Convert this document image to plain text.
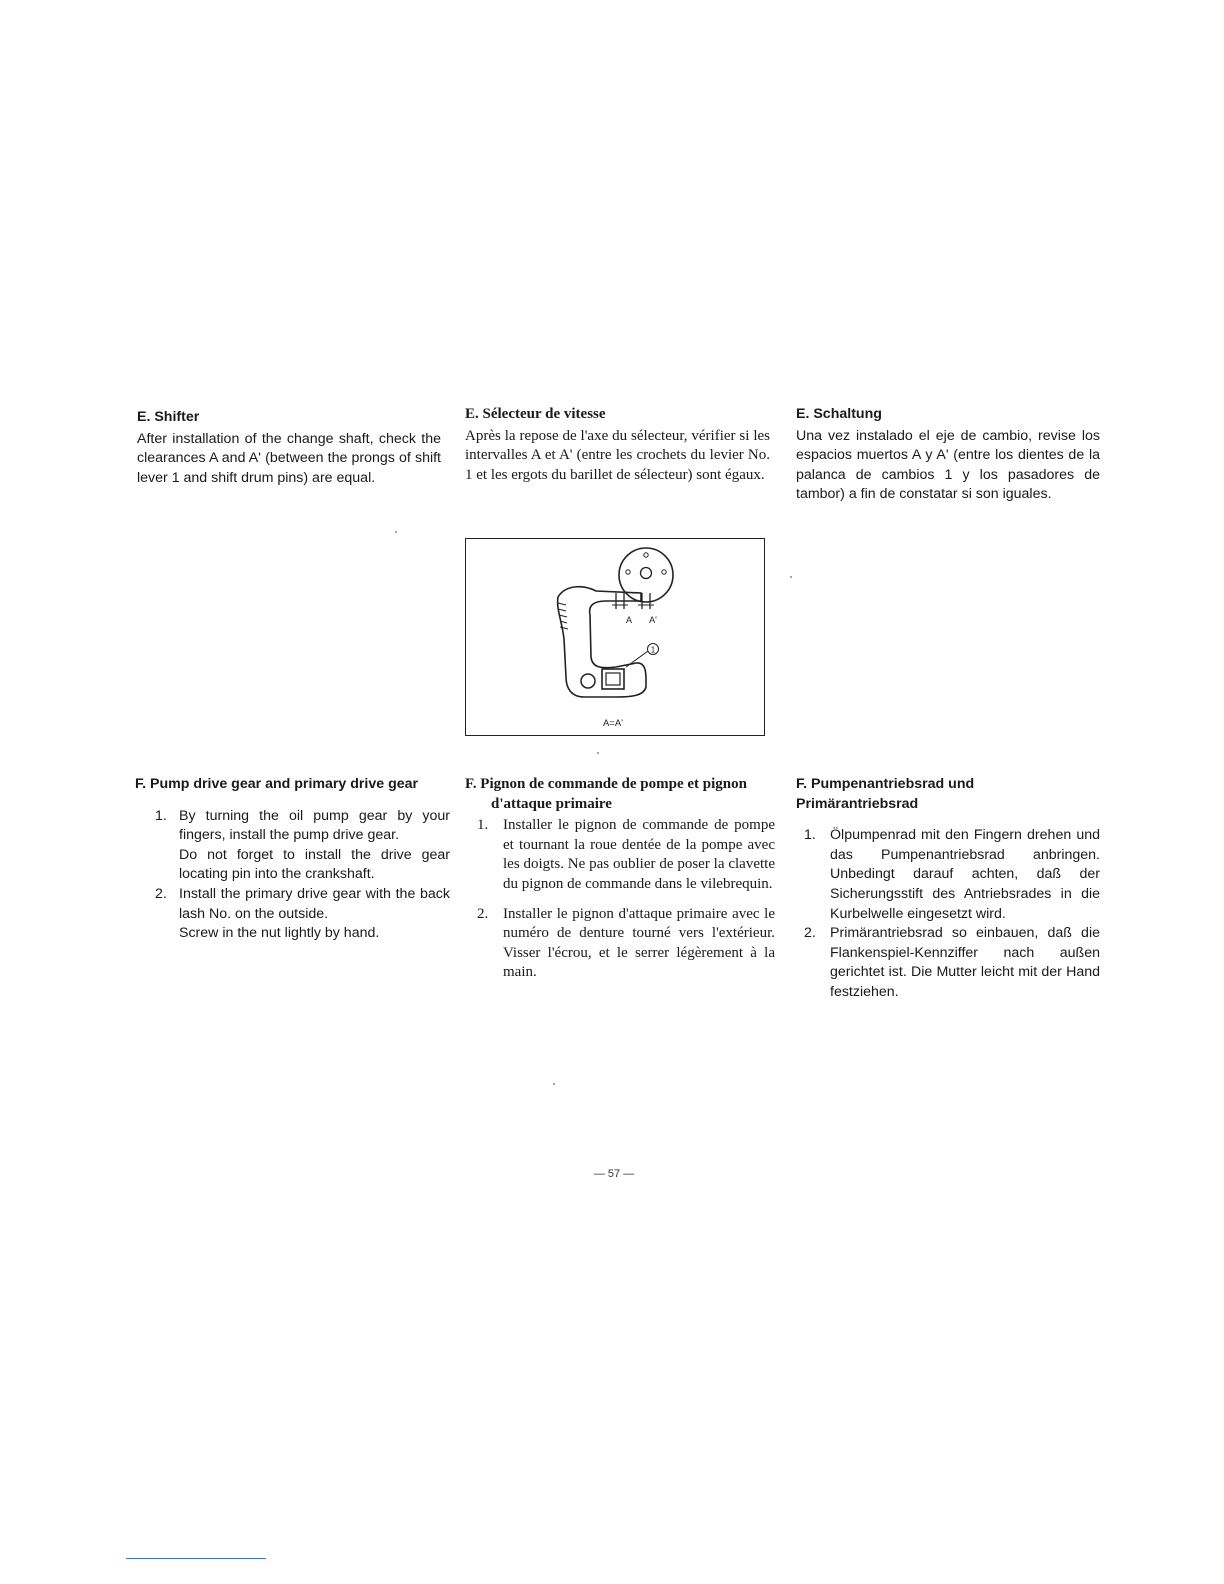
E. Shifter

After installation of the change shaft, check the clearances A and A' (between the prongs of shift lever 1 and shift drum pins) are equal.

E. Sélecteur de vitesse

Après la repose de l'axe du sélecteur, vérifier si les intervalles A et A' (entre les crochets du levier No. 1 et les ergots du barillet de sélecteur) sont égaux.

E. Schaltung

Una vez instalado el eje de cambio, revise los espacios muertos A y A' (entre los dientes de la palanca de cambios 1 y los pasadores de tambor) a fin de constatar si son iguales.

1
A A'
A=A'
F. Pump drive gear and primary drive gear
1. By turning the oil pump gear by your fingers, install the pump drive gear.
Do not forget to install the drive gear locating pin into the crankshaft.
2. Install the primary drive gear with the back lash No. on the outside.
Screw in the nut lightly by hand.
F. Pignon de commande de pompe et pignon d'attaque primaire
1. Installer le pignon de commande de pompe et tournant la roue dentée de la pompe avec les doigts. Ne pas oublier de poser la clavette du pignon de commande dans le vilebrequin.
2. Installer le pignon d'attaque primaire avec le numéro de denture tourné vers l'extérieur. Visser l'écrou, et le serrer légèrement à la main.
F. Pumpenantriebsrad und Primärantriebsrad
1. Ölpumpenrad mit den Fingern drehen und das Pumpenantriebsrad anbringen. Unbedingt darauf achten, daß der Sicherungsstift des Antriebsrades in die Kurbelwelle eingesetzt wird.
2. Primärantriebsrad so einbauen, daß die Flankenspiel-Kennziffer nach außen gerichtet ist. Die Mutter leicht mit der Hand festziehen.
— 57 —
